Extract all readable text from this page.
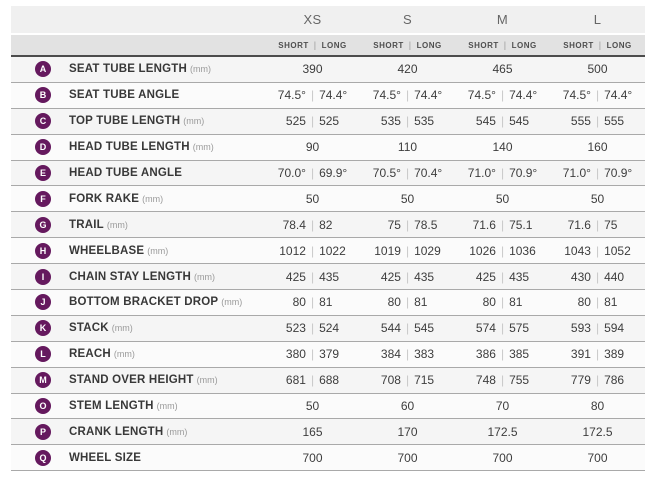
XS	S	M	L
SHORT | LONG	SHORT | LONG	SHORT | LONG	SHORT | LONG
A	SEAT TUBE LENGTH (mm)	390	420	465	500
B	SEAT TUBE ANGLE	74.5° | 74.4°	74.5° | 74.4°	74.5° | 74.4°	74.5° | 74.4°
C	TOP TUBE LENGTH (mm)	525 | 525	535 | 535	545 | 545	555 | 555
D	HEAD TUBE LENGTH (mm)	90	110	140	160
E	HEAD TUBE ANGLE	70.0° | 69.9°	70.5° | 70.4°	71.0° | 70.9°	71.0° | 70.9°
F	FORK RAKE (mm)	50	50	50	50
G	TRAIL (mm)	78.4 | 82	75 | 78.5	71.6 | 75.1	71.6 | 75
H	WHEELBASE (mm)	1012 | 1022	1019 | 1029	1026 | 1036	1043 | 1052
I	CHAIN STAY LENGTH (mm)	425 | 435	425 | 435	425 | 435	430 | 440
J	BOTTOM BRACKET DROP (mm)	80 | 81	80 | 81	80 | 81	80 | 81
K	STACK (mm)	523 | 524	544 | 545	574 | 575	593 | 594
L	REACH (mm)	380 | 379	384 | 383	386 | 385	391 | 389
M	STAND OVER HEIGHT (mm)	681 | 688	708 | 715	748 | 755	779 | 786
O	STEM LENGTH (mm)	50	60	70	80
P	CRANK LENGTH (mm)	165	170	172.5	172.5
Q	WHEEL SIZE	700	700	700	700
